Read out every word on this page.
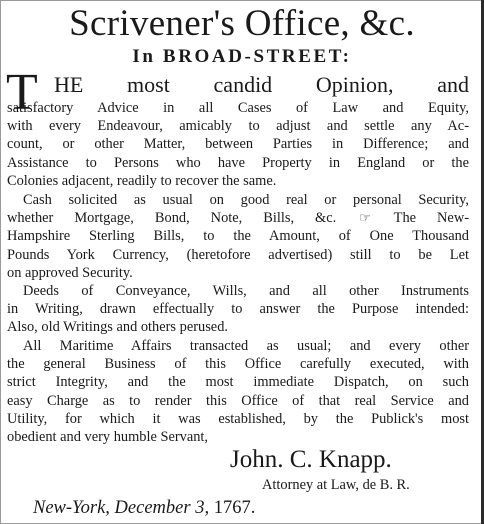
Scrivener's Office, &c.
In BROAD-STREET:
T HE most candid Opinion, and
satisfactory Advice in all Cases of Law and Equity,
with every Endeavour, amicably to adjust and settle any Ac-
count, or other Matter, between Parties in Difference; and
Assistance to Persons who have Property in England or the
Colonies adjacent, readily to recover the same.
Cash solicited as usual on good real or personal Security,
whether Mortgage, Bond, Note, Bills, &c. ☞ The New-
Hampshire Sterling Bills, to the Amount, of One Thousand
Pounds York Currency, (heretofore advertised) still to be Let
on approved Security.
Deeds of Conveyance, Wills, and all other Instruments
in Writing, drawn effectually to answer the Purpose intended:
Also, old Writings and others perused.
All Maritime Affairs transacted as usual; and every other
the general Business of this Office carefully executed, with
strict Integrity, and the most immediate Dispatch, on such
easy Charge as to render this Office of that real Service and
Utility, for which it was established, by the Publick's most
obedient and very humble Servant,
John. C. Knapp.
Attorney at Law, de B. R.
New-York, December 3, 1767.
